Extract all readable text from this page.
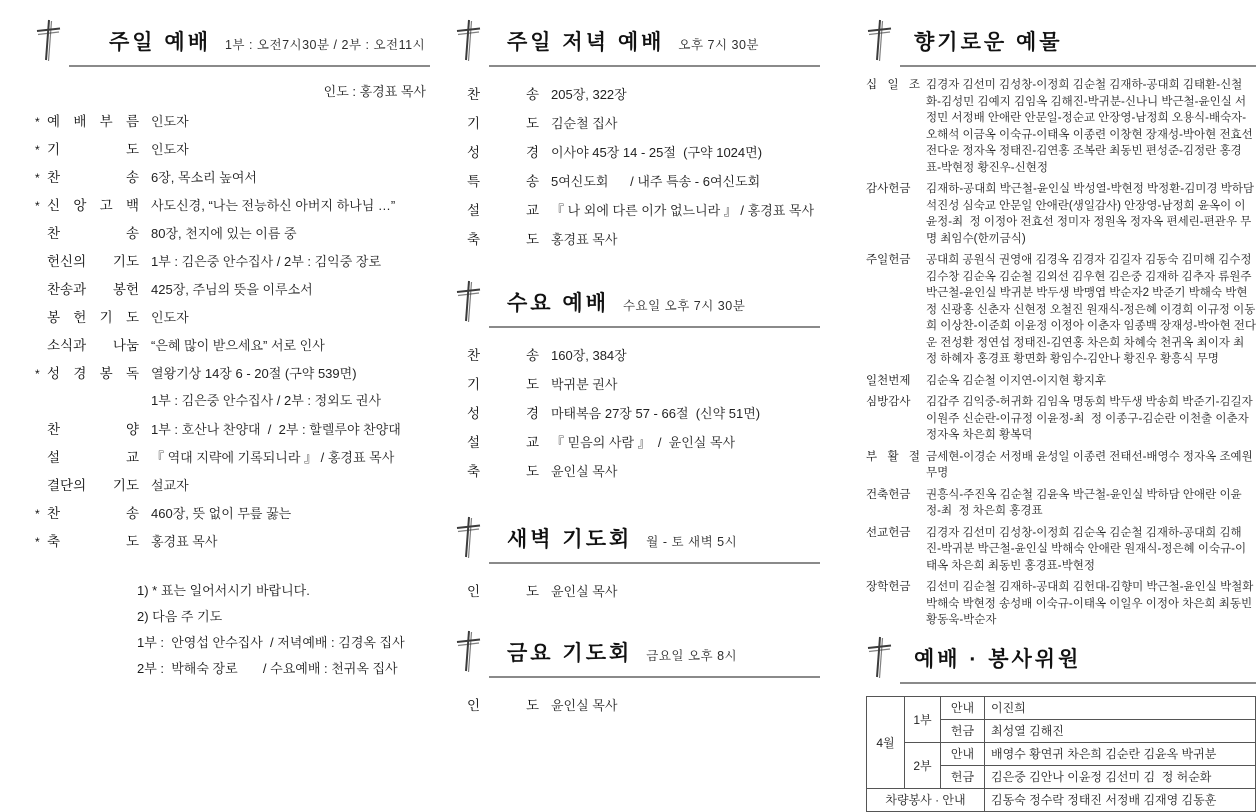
주일 예배 1부 : 오전7시30분 / 2부 : 오전11시
인도 : 홍경표 목사
* 예 배 부 름 인도자
* 기 도 인도자
* 찬 송 6장, 목소리 높여서
* 신 앙 고 백 사도신경, “나는 전능하신 아버지 하나님 …”
찬 송 80장, 천지에 있는 이름 중
헌신의 기도 1부 : 김은중 안수집사 / 2부 : 김익중 장로
찬송과 봉헌 425장, 주님의 뜻을 이루소서
봉 헌 기 도 인도자
소식과 나눔 “은혜 많이 받으세요” 서로 인사
* 성 경 봉 독 열왕기상 14장 6 - 20절 (구약 539면)
1부 : 김은중 안수집사 / 2부 : 정외도 권사
찬 양 1부 : 호산나 찬양대  /  2부 : 할렐루야 찬양대
설 교 『 역대 지략에 기록되니라 』 / 홍경표 목사
결단의 기도 설교자
* 찬 송 460장, 뜻 없이 무릎 꿇는
* 축 도 홍경표 목사
1) * 표는 일어서시기 바랍니다.
2) 다음 주 기도
1부 :  안영섭 안수집사  / 저녁예배 : 김경옥 집사
2부 :  박해숙 장로       / 수요예배 : 천귀옥 집사
주일 저녁 예배 오후 7시 30분
찬 송 205장, 322장
기 도 김순철 집사
성 경 이사야 45장 14 - 25절  (구약 1024면)
특 송 5여신도회      / 내주 특송 - 6여신도회
설 교 『 나 외에 다른 이가 없느니라 』 / 홍경표 목사
축 도 홍경표 목사
수요 예배 수요일 오후 7시 30분
찬 송 160장, 384장
기 도 박귀분 권사
성 경 마태복음 27장 57 - 66절  (신약 51면)
설 교 『 믿음의 사람 』  /  윤인실 목사
축 도 윤인실 목사
새벽 기도회 월 - 토 새벽 5시
인 도 윤인실 목사
금요 기도회 금요일 오후 8시
인 도 윤인실 목사
향기로운 예물
십 일 조 김경자 김선미 김성창-이정희 김순철 김재하-공대희 김태환-신철화-김성민 김예지 김임옥 김해진-박귀분-신나니 박근철-윤인실 서정민 서정배 안애란 안문일-정순교 안장영-남정희 오용식-배숙자-오해석 이금옥 이숙규-이태옥 이종련 이창현 장재성-박아현 전효선 전다운 정자옥 정태진-김연홍 조복란 최동빈 편성준-김정란 홍경표-박현정 황진우-신현정
감사헌금	김재하-공대희 박근철-윤인실 박성열-박현정 박정환-김미경 박하담 석진성 심숙교 안문일 안애란(생일감사) 안장영-남정희 윤옥이 이윤정-최  정 이정아 전효선 정미자 정원옥 정자옥 편세린-편관우 무명 최임수(한끼금식)
주일헌금	공대희 공원식 권영애 김경옥 김경자 김길자 김동숙 김미해 김수정 김수창 김순옥 김순철 김외선 김우현 김은중 김재하 김추자 류원주 박근철-윤인실 박귀분 박두생 박맹엽 박순자2 박준기 박해숙 박현정 신광홍 신춘자 신현정 오철진 원재식-정은혜 이경희 이규정 이동희 이상찬-이준희 이윤정 이정아 이춘자 임종백 장재성-박아현 전다운 전성환 정연섭 정태진-김연홍 차은희 차혜숙 천귀옥 최이자 최  정 하혜자 홍경표 황면화 황임수-김안나 황진우 황흥식 무명
일천번제	김순옥 김순철 이지연-이지현 황지후
심방감사	김갑주 김익중-허귀화 김임옥 명동희 박두생 박송희 박준기-김길자 이원주 신순란-이규정 이윤정-최  정 이종구-김순란 이천출 이춘자 정자옥 차은희 황복덕
부 활 절 금세현-이경순 서정배 윤성일 이종련 전태선-배영수 정자옥 조예원 무명
건축헌금	권흥식-주진옥 김순철 김윤옥 박근철-윤인실 박하담 안애란 이윤정-최  정 차은희 홍경표
선교헌금	김경자 김선미 김성창-이정희 김순옥 김순철 김재하-공대희 김해진-박귀분 박근철-윤인실 박해숙 안애란 원재식-정은혜 이숙규-이태옥 차은희 최동빈 홍경표-박현정
장학헌금	김선미 김순철 김재하-공대희 김헌대-김향미 박근철-윤인실 박철화 박해숙 박현정 송성배 이숙규-이태옥 이일우 이정아 차은희 최동빈 황동욱-박순자
예배 · 봉사위원
4월	1부	안내	이진희
		헌금	최성열 김해진
	2부	안내	배영수 황연귀 차은희 김순란 김윤옥 박귀분
		헌금	김은중 김안나 이윤정 김선미 김  정 허순화
차량봉사 · 안내			김동숙 정수락 정태진 서정배 김재영 김동훈
